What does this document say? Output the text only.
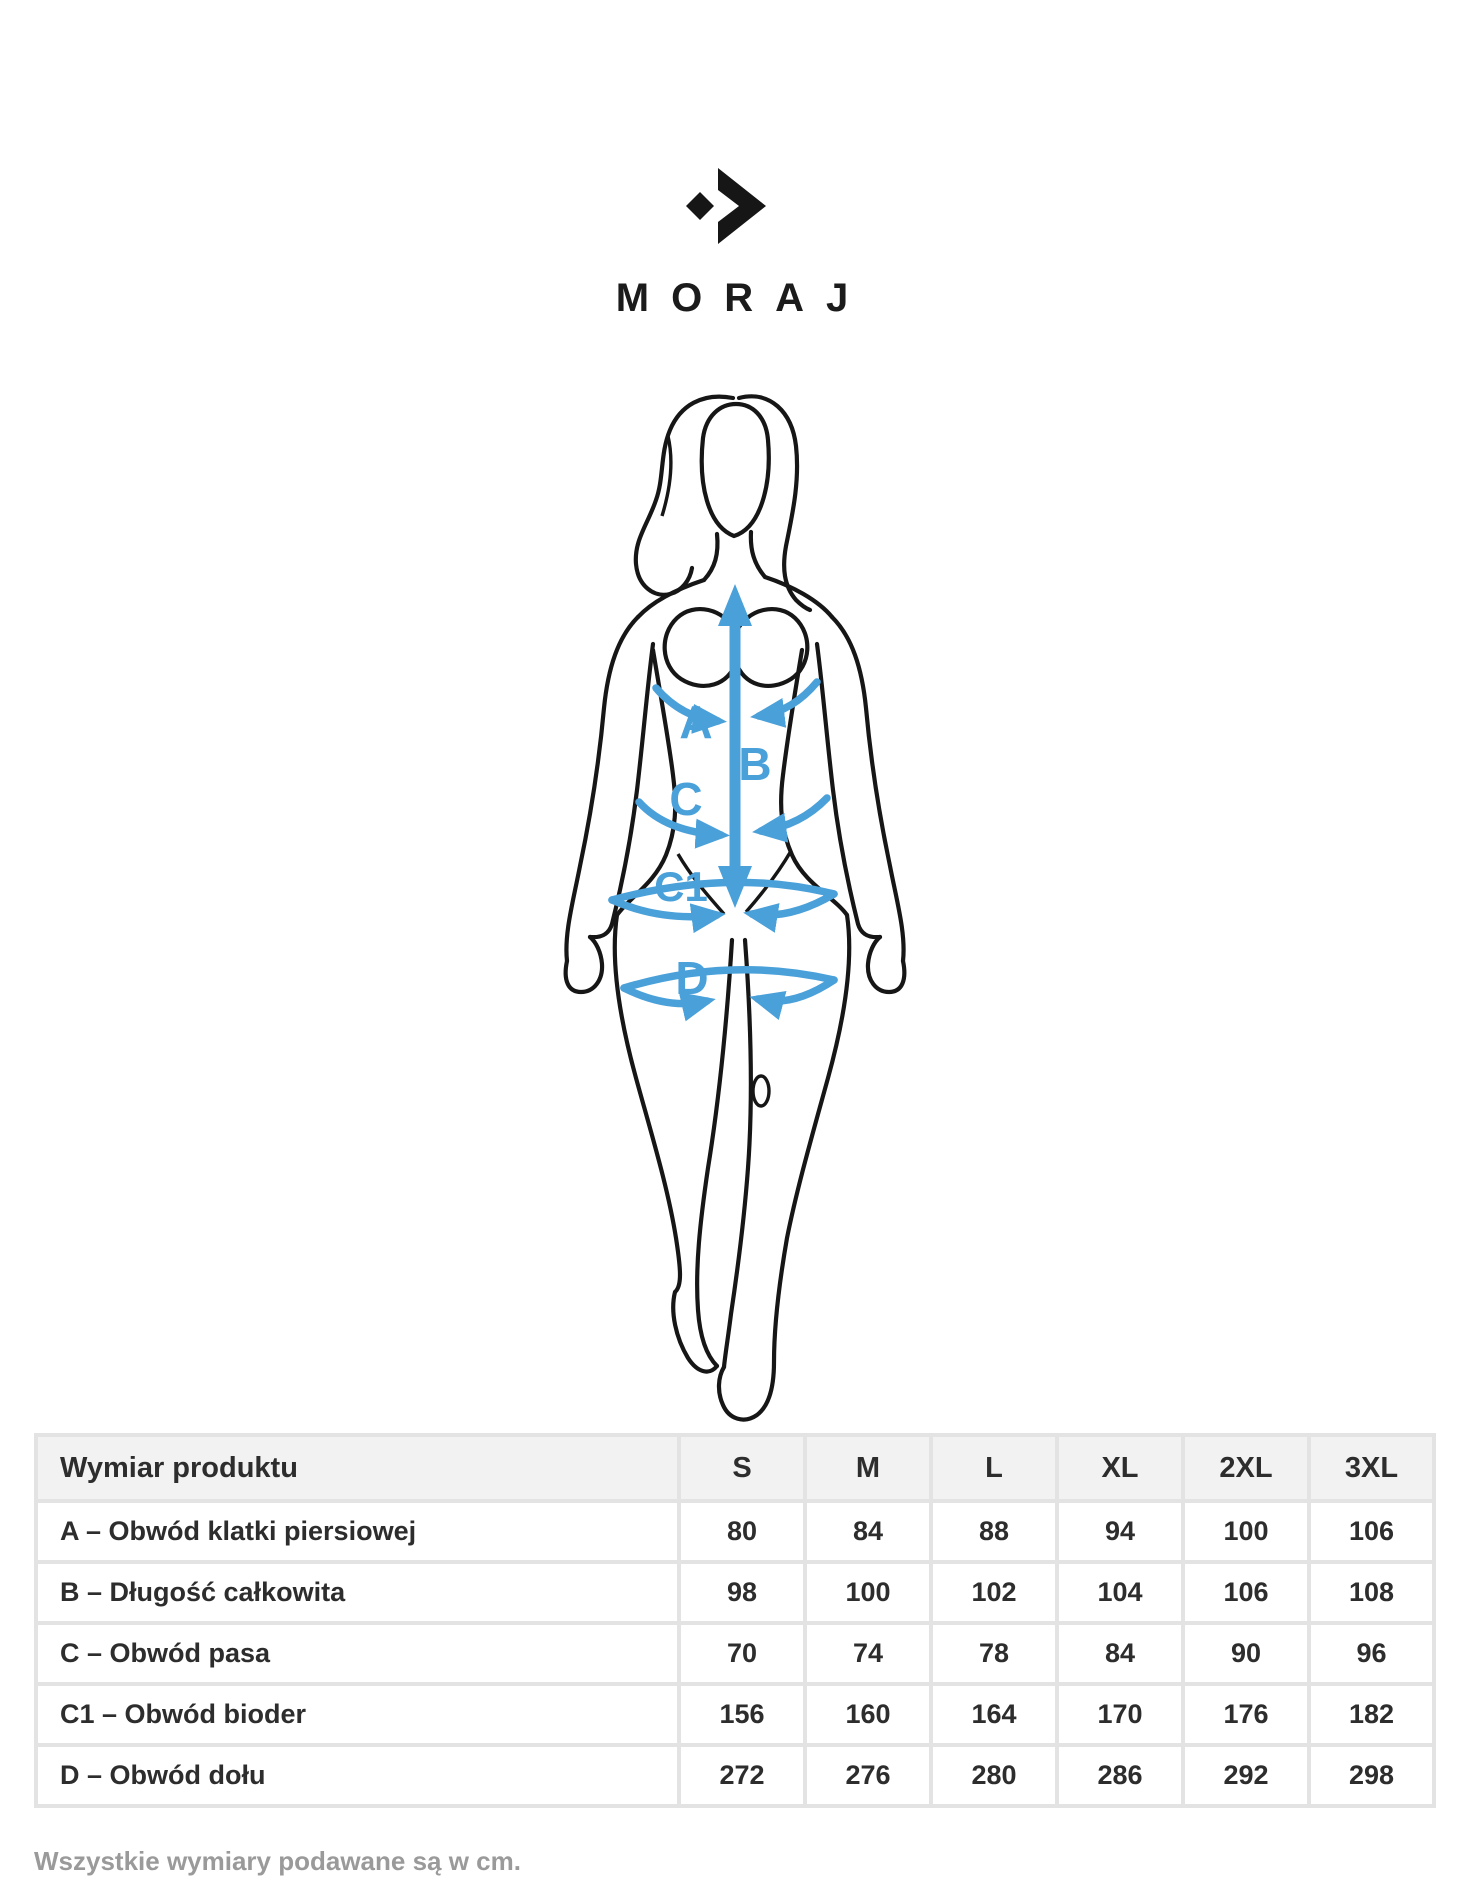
MORAJ
A
B
C
C1
D
Wymiar produktu	S	M	L	XL	2XL	3XL
A – Obwód klatki piersiowej	80	84	88	94	100	106
B – Długość całkowita	98	100	102	104	106	108
C – Obwód pasa	70	74	78	84	90	96
C1 – Obwód bioder	156	160	164	170	176	182
D – Obwód dołu	272	276	280	286	292	298
Wszystkie wymiary podawane są w cm.
